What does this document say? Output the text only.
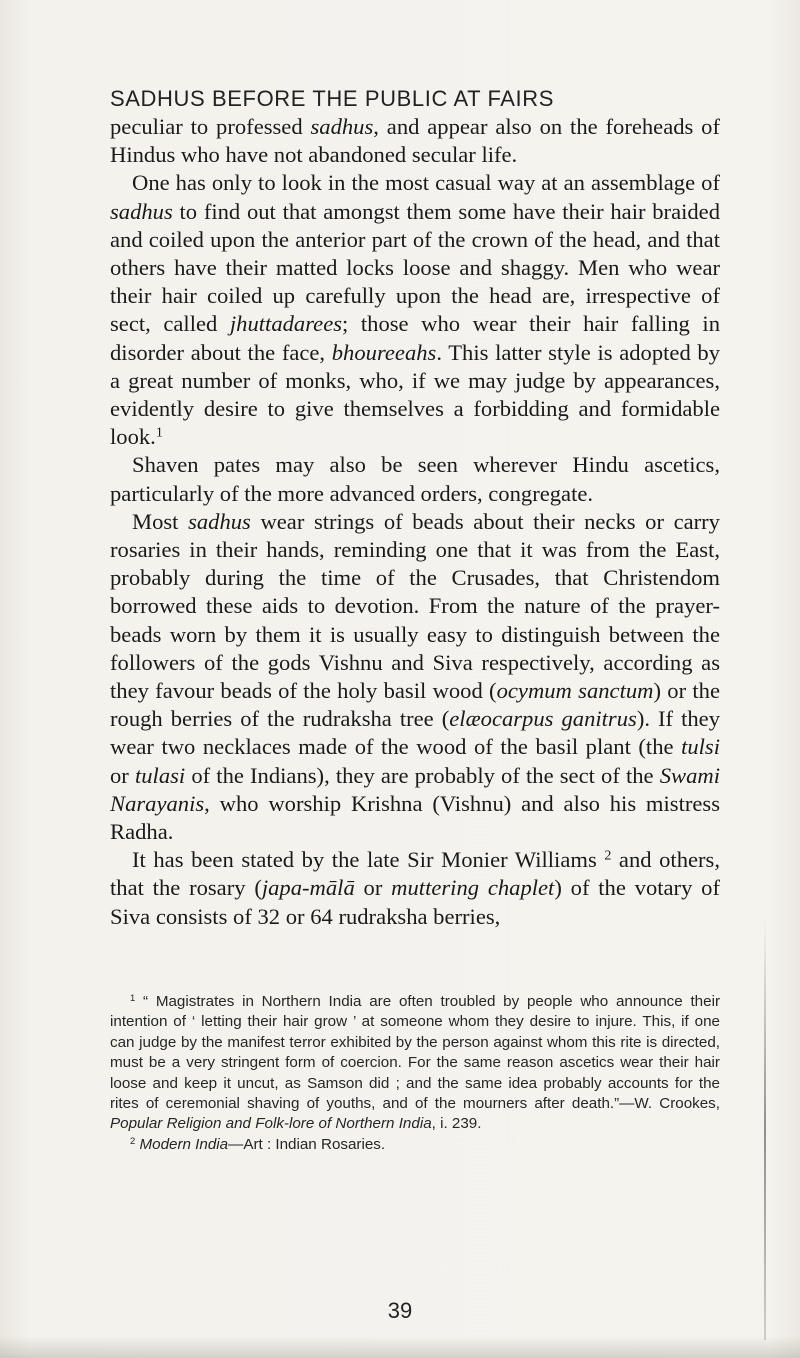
SADHUS BEFORE THE PUBLIC AT FAIRS

peculiar to professed sadhus, and appear also on the foreheads of Hindus who have not abandoned secular life.

One has only to look in the most casual way at an assemblage of sadhus to find out that amongst them some have their hair braided and coiled upon the anterior part of the crown of the head, and that others have their matted locks loose and shaggy. Men who wear their hair coiled up carefully upon the head are, irrespective of sect, called jhuttadarees; those who wear their hair falling in disorder about the face, bhoureeahs. This latter style is adopted by a great number of monks, who, if we may judge by appearances, evidently desire to give themselves a forbidding and formidable look.$^1$

Shaven pates may also be seen wherever Hindu ascetics, particularly of the more advanced orders, congregate.

Most sadhus wear strings of beads about their necks or carry rosaries in their hands, reminding one that it was from the East, probably during the time of the Crusades, that Christendom borrowed these aids to devotion. From the nature of the prayer-beads worn by them it is usually easy to distinguish between the followers of the gods Vishnu and Siva respectively, according as they favour beads of the holy basil wood (ocymum sanctum) or the rough berries of the rudraksha tree (elæocarpus ganitrus). If they wear two necklaces made of the wood of the basil plant (the tulsi or tulasi of the Indians), they are probably of the sect of the Swami Narayanis, who worship Krishna (Vishnu) and also his mistress Radha.

It has been stated by the late Sir Monier Williams $^2$ and others, that the rosary (japa-mālā or muttering chaplet) of the votary of Siva consists of 32 or 64 rudraksha berries,

$^1$ “ Magistrates in Northern India are often troubled by people who announce their intention of ‘ letting their hair grow ’ at someone whom they desire to injure. This, if one can judge by the manifest terror exhibited by the person against whom this rite is directed, must be a very stringent form of coercion. For the same reason ascetics wear their hair loose and keep it uncut, as Samson did ; and the same idea probably accounts for the rites of ceremonial shaving of youths, and of the mourners after death.”—W. Crookes, Popular Religion and Folk-lore of Northern India, i. 239.

$^2$ Modern India—Art : Indian Rosaries.

39
